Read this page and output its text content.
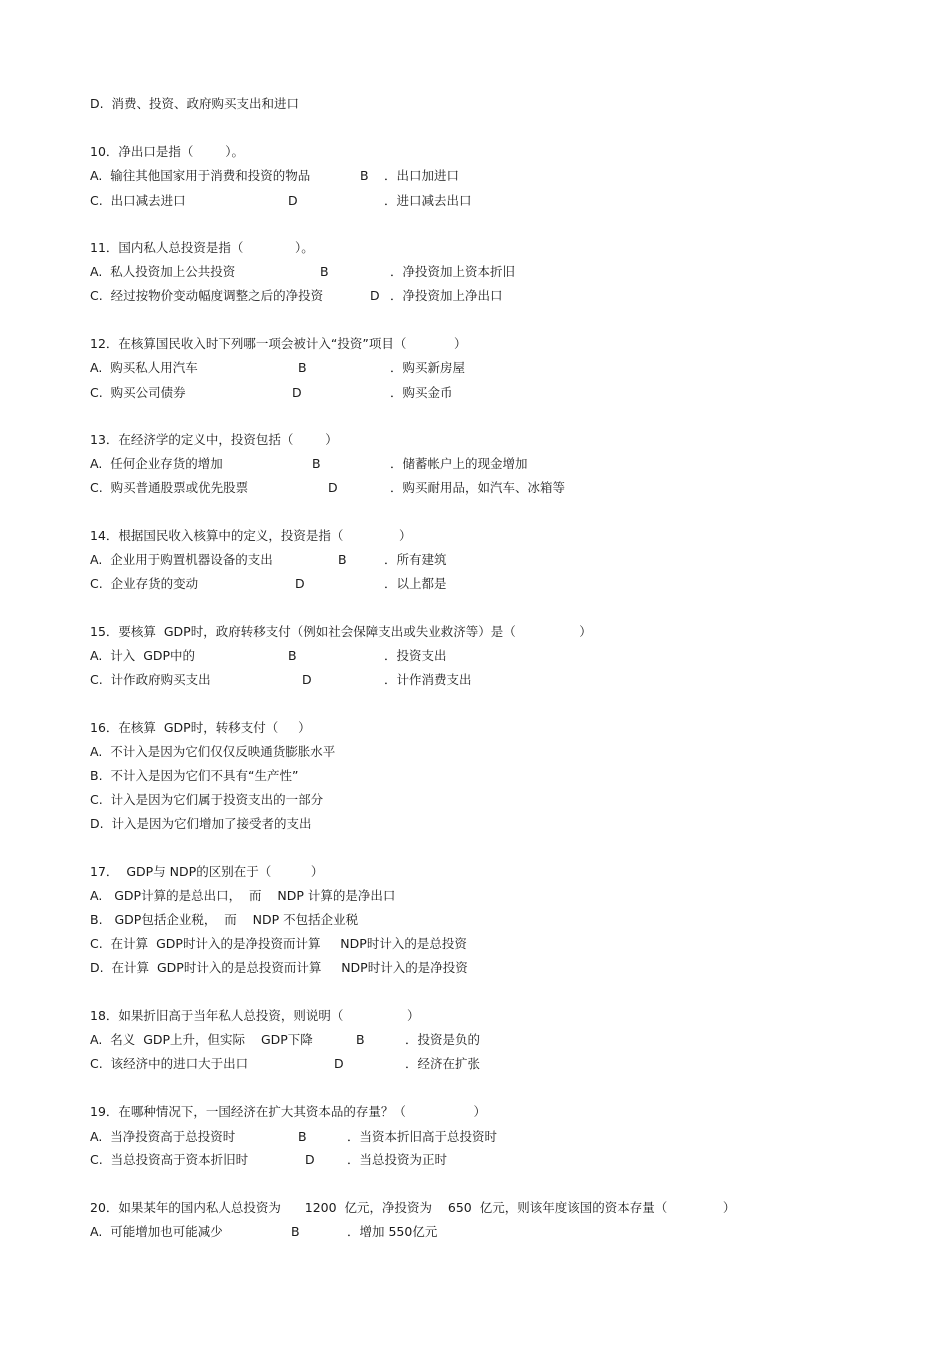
D.  消费、投资、政府购买支出和进口
10．净出口是指（        ）。
A.  输往其他国家用于消费和投资的物品	B ．出口加进口
C.  出口减去进口	D	．进口减去出口
11．国内私人总投资是指（             ）。
A.  私人投资加上公共投资	B	．净投资加上资本折旧
C.  经过按物价变动幅度调整之后的净投资	D ．净投资加上净出口
12．在核算国民收入时下列哪一项会被计入“投资”项目（            ）
A.  购买私人用汽车	B	．购买新房屋
C.  购买公司债券	D	．购买金币
13．在经济学的定义中，投资包括（        ）
A.  任何企业存货的增加	B	．储蓄帐户上的现金增加
C.  购买普通股票或优先股票	D	．购买耐用品，如汽车、冰箱等
14．根据国民收入核算中的定义，投资是指（              ）
A.  企业用于购置机器设备的支出	B	．所有建筑
C.  企业存货的变动	D	．以上都是
15．要核算  GDP时，政府转移支付（例如社会保障支出或失业救济等）是（                ）
A.  计入  GDP中的	B	．投资支出
C.  计作政府购买支出	D	．计作消费支出
16．在核算  GDP时，转移支付（     ）
A.  不计入是因为它们仅仅反映通货膨胀水平
B.  不计入是因为它们不具有“生产性”
C.  计入是因为它们属于投资支出的一部分
D.  计入是因为它们增加了接受者的支出
17．  GDP与 NDP的区别在于（          ）
A.   GDP计算的是总出口，  而    NDP 计算的是净出口
B.   GDP包括企业税，  而    NDP 不包括企业税
C.  在计算  GDP时计入的是净投资而计算     NDP时计入的是总投资
D.  在计算  GDP时计入的是总投资而计算     NDP时计入的是净投资
18．如果折旧高于当年私人总投资，则说明（                ）
A.  名义  GDP上升，但实际    GDP下降	B	．投资是负的
C.  该经济中的进口大于出口	D	．经济在扩张
19．在哪种情况下，一国经济在扩大其资本品的存量？（                 ）
A.  当净投资高于总投资时	B	．当资本折旧高于总投资时
C.  当总投资高于资本折旧时	D	．当总投资为正时
20．如果某年的国内私人总投资为      1200  亿元，净投资为    650  亿元，则该年度该国的资本存量（              ）
A.  可能增加也可能减少	B	．增加 550亿元
